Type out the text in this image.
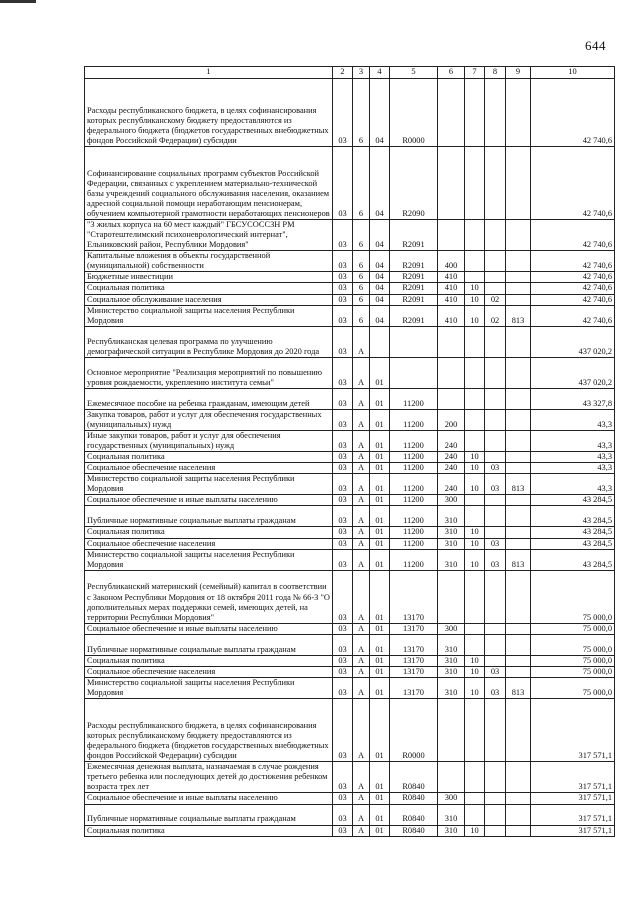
644
1	2	3	4	5	6	7	8	9	10
Расходы республиканского бюджета, в целях софинансирования которых республиканскому бюджету предоставляются из федерального бюджета (бюджетов государственных внебюджетных фондов Российской Федерации) субсидии	03	6	04	R0000					42 740,6
Софинансирование социальных программ субъектов Российской Федерации, связанных с укреплением материально-технической базы учреждений социального обслуживания населения, оказанием адресной социальной помощи неработающим пенсионерам, обучением компьютерной грамотности неработающих пенсионеров	03	6	04	R2090					42 740,6
"3 жилых корпуса на 60 мест каждый" ГБСУСОССЗН РМ "Старотештелимский психоневрологический интернат", Ельниковский район, Республики Мордовия"	03	6	04	R2091					42 740,6
Капитальные вложения в объекты государственной (муниципальной) собственности	03	6	04	R2091	400				42 740,6
Бюджетные инвестиции	03	6	04	R2091	410				42 740,6
Социальная политика	03	6	04	R2091	410	10			42 740,6
Социальное обслуживание населения	03	6	04	R2091	410	10	02		42 740,6
Министерство социальной защиты населения Республики Мордовия	03	6	04	R2091	410	10	02	813	42 740,6
Республиканская целевая программа по улучшению демографической ситуации в Республике Мордовия до 2020 года	03	А							437 020,2
Основное мероприятие "Реализация мероприятий по повышению уровня рождаемости, укреплению института семьи"	03	А	01						437 020,2
Ежемесячное пособие на ребенка гражданам, имеющим детей	03	А	01	11200					43 327,8
Закупка товаров, работ и услуг для обеспечения государственных (муниципальных) нужд	03	А	01	11200	200				43,3
Иные закупки товаров, работ и услуг для обеспечения государственных (муниципальных) нужд	03	А	01	11200	240				43,3
Социальная политика	03	А	01	11200	240	10			43,3
Социальное обеспечение населения	03	А	01	11200	240	10	03		43,3
Министерство социальной защиты населения Республики Мордовия	03	А	01	11200	240	10	03	813	43,3
Социальное обеспечение и иные выплаты населению	03	А	01	11200	300				43 284,5
Публичные нормативные социальные выплаты гражданам	03	А	01	11200	310				43 284,5
Социальная политика	03	А	01	11200	310	10			43 284,5
Социальное обеспечение населения	03	А	01	11200	310	10	03		43 284,5
Министерство социальной защиты населения Республики Мордовия	03	А	01	11200	310	10	03	813	43 284,5
Республиканский материнский (семейный) капитал в соответствии с Законом Республики Мордовия от 18 октября 2011 года № 66-З "О дополнительных мерах поддержки семей, имеющих детей, на территории Республики Мордовия"	03	А	01	13170					75 000,0
Социальное обеспечение и иные выплаты населению	03	А	01	13170	300				75 000,0
Публичные нормативные социальные выплаты гражданам	03	А	01	13170	310				75 000,0
Социальная политика	03	А	01	13170	310	10			75 000,0
Социальное обеспечение населения	03	А	01	13170	310	10	03		75 000,0
Министерство социальной защиты населения Республики Мордовия	03	А	01	13170	310	10	03	813	75 000,0
Расходы республиканского бюджета, в целях софинансирования которых республиканскому бюджету предоставляются из федерального бюджета (бюджетов государственных внебюджетных фондов Российской Федерации) субсидии	03	А	01	R0000					317 571,1
Ежемесячная денежная выплата, назначаемая в случае рождения третьего ребенка или последующих детей до достижения ребенком возраста трех лет	03	А	01	R0840					317 571,1
Социальное обеспечение и иные выплаты населению	03	А	01	R0840	300				317 571,1
Публичные нормативные социальные выплаты гражданам	03	А	01	R0840	310				317 571,1
Социальная политика	03	А	01	R0840	310	10			317 571,1
